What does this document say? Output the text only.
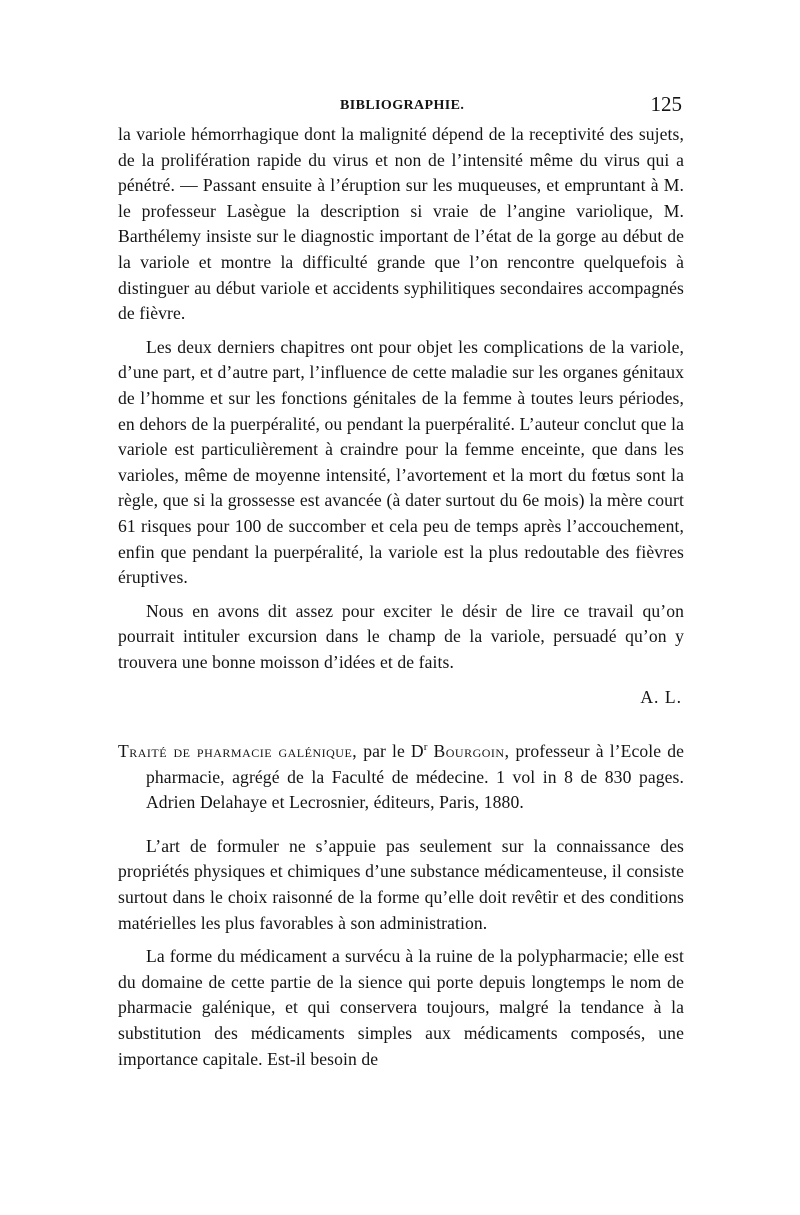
BIBLIOGRAPHIE.	125

la variole hémorrhagique dont la malignité dépend de la receptivité des sujets, de la prolifération rapide du virus et non de l’intensité même du virus qui a pénétré. — Passant ensuite à l’éruption sur les muqueuses, et empruntant à M. le professeur Lasègue la description si vraie de l’angine variolique, M. Barthélemy insiste sur le diagnostic important de l’état de la gorge au début de la variole et montre la difficulté grande que l’on rencontre quelquefois à distinguer au début variole et accidents syphilitiques secondaires accompagnés de fièvre.

Les deux derniers chapitres ont pour objet les complications de la variole, d’une part, et d’autre part, l’influence de cette maladie sur les organes génitaux de l’homme et sur les fonctions génitales de la femme à toutes leurs périodes, en dehors de la puerpéralité, ou pendant la puerpéralité. L’auteur conclut que la variole est particulièrement à craindre pour la femme enceinte, que dans les varioles, même de moyenne intensité, l’avortement et la mort du fœtus sont la règle, que si la grossesse est avancée (à dater surtout du 6e mois) la mère court 61 risques pour 100 de succomber et cela peu de temps après l’accouchement, enfin que pendant la puerpéralité, la variole est la plus redoutable des fièvres éruptives.

Nous en avons dit assez pour exciter le désir de lire ce travail qu’on pourrait intituler excursion dans le champ de la variole, persuadé qu’on y trouvera une bonne moisson d’idées et de faits.

A. L.

Traité de pharmacie galénique, par le $D^r$ Bourgoin, professeur à l’Ecole de pharmacie, agrégé de la Faculté de médecine. 1 vol in 8 de 830 pages. Adrien Delahaye et Lecrosnier, éditeurs, Paris, 1880.

L’art de formuler ne s’appuie pas seulement sur la connaissance des propriétés physiques et chimiques d’une substance médicamenteuse, il consiste surtout dans le choix raisonné de la forme qu’elle doit revêtir et des conditions matérielles les plus favorables à son administration.

La forme du médicament a survécu à la ruine de la polypharmacie; elle est du domaine de cette partie de la sience qui porte depuis longtemps le nom de pharmacie galénique, et qui conservera toujours, malgré la tendance à la substitution des médicaments simples aux médicaments composés, une importance capitale. Est-il besoin de
